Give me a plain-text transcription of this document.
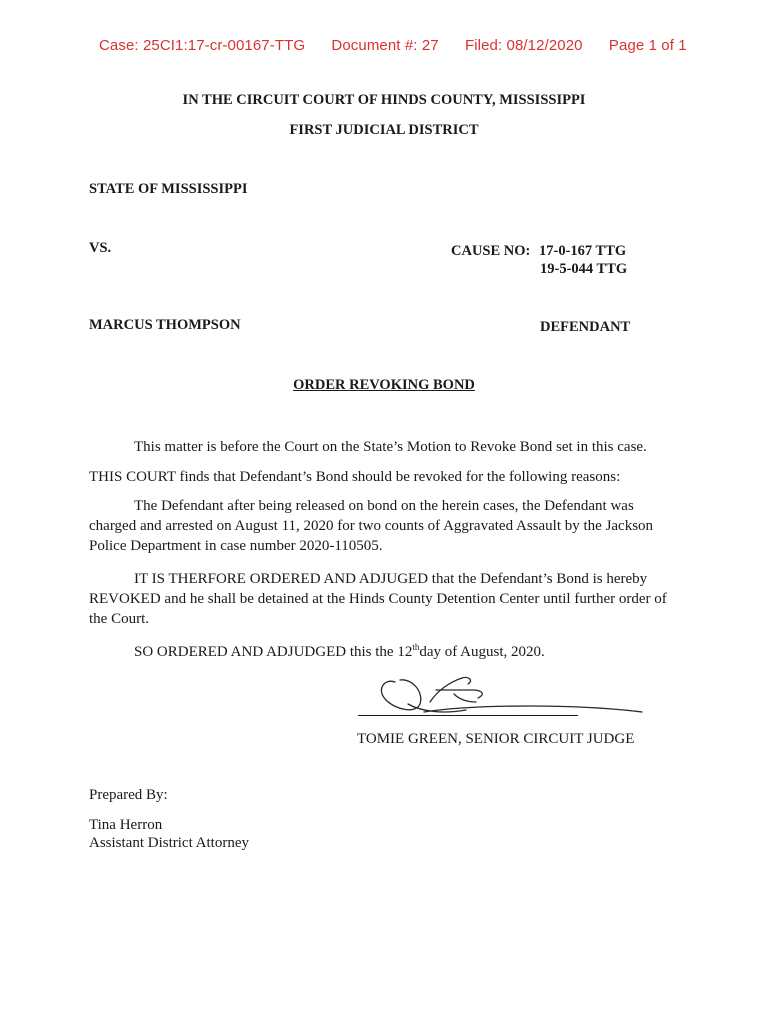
Case: 25CI1:17-cr-00167-TTG Document #: 27 Filed: 08/12/2020 Page 1 of 1
IN THE CIRCUIT COURT OF HINDS COUNTY, MISSISSIPPI
FIRST JUDICIAL DISTRICT
STATE OF MISSISSIPPI
VS.	CAUSE NO: 17-0-167 TTG
19-5-044 TTG
MARCUS THOMPSON	DEFENDANT
ORDER REVOKING BOND
This matter is before the Court on the State’s Motion to Revoke Bond set in this case.
THIS COURT finds that Defendant’s Bond should be revoked for the following reasons:
The Defendant after being released on bond on the herein cases, the Defendant was
charged and arrested on August 11, 2020 for two counts of Aggravated Assault by the Jackson
Police Department in case number 2020-110505.
IT IS THERFORE ORDERED AND ADJUGED that the Defendant’s Bond is hereby
REVOKED and he shall be detained at the Hinds County Detention Center until further order of
the Court.
SO ORDERED AND ADJUDGED this the 12thday of August, 2020.
TOMIE GREEN, SENIOR CIRCUIT JUDGE
Prepared By:
Tina Herron
Assistant District Attorney
